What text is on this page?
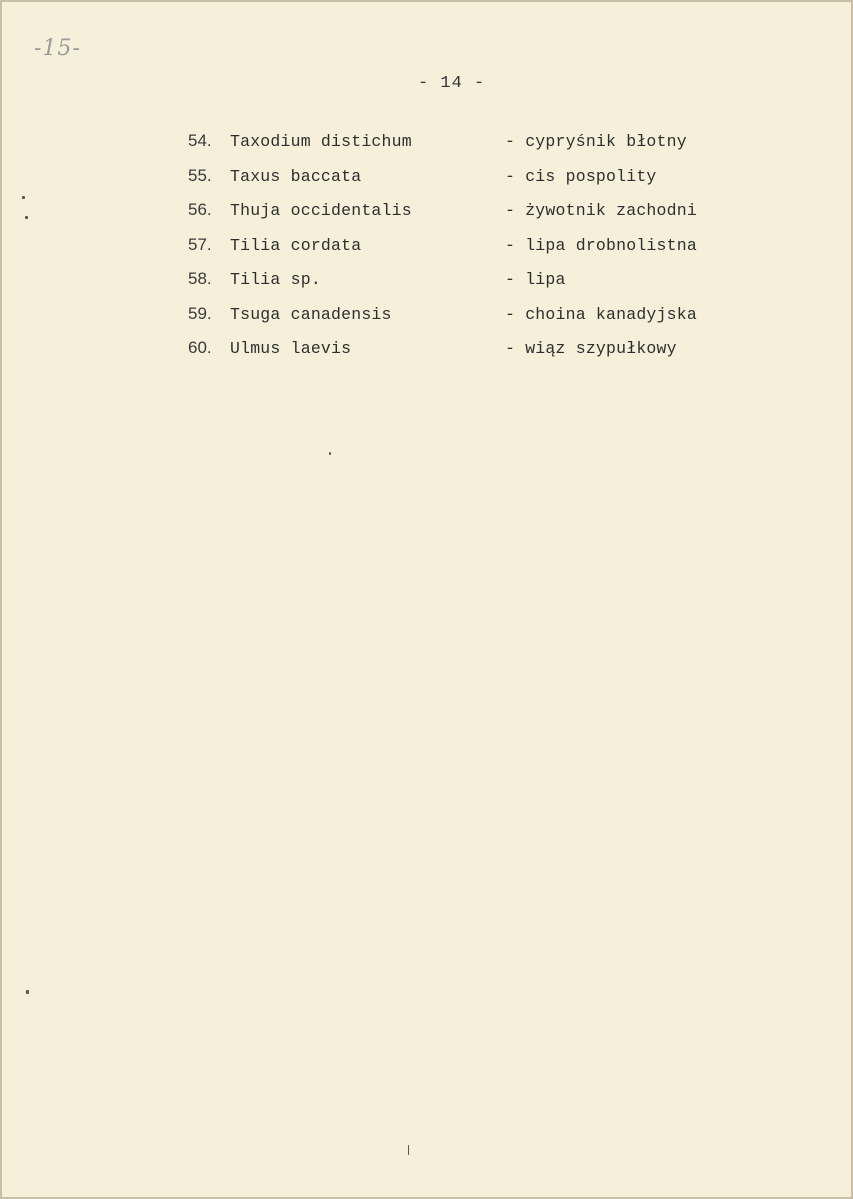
-15-
- 14 -
54.	Taxodium distichum	- cypryśnik błotny
55.	Taxus baccata	- cis pospolity
56.	Thuja occidentalis	- żywotnik zachodni
57.	Tilia cordata	- lipa drobnolistna
58.	Tilia sp.	- lipa
59.	Tsuga canadensis	- choina kanadyjska
60.	Ulmus laevis	- wiąz szypułkowy
